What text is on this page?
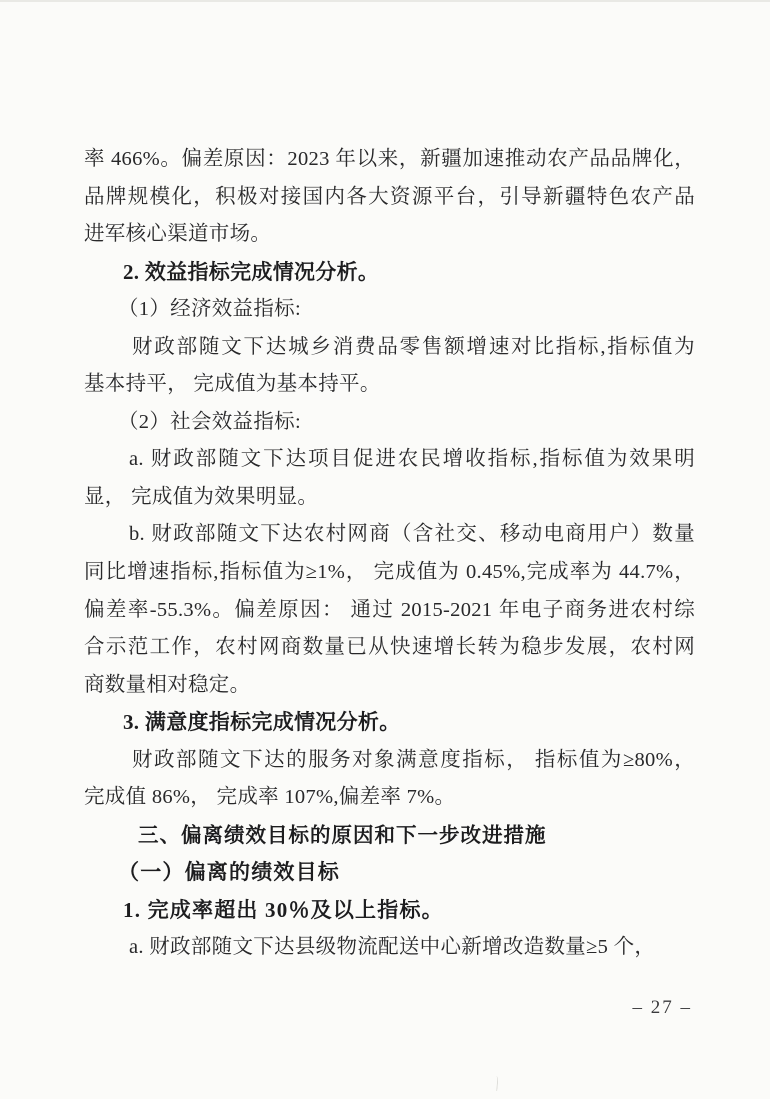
率 466%。偏差原因：2023 年以来，新疆加速推动农产品品牌化，
品牌规模化，积极对接国内各大资源平台，引导新疆特色农产品
进军核心渠道市场。
2. 效益指标完成情况分析。
（1）经济效益指标:
财政部随文下达城乡消费品零售额增速对比指标,指标值为
基本持平， 完成值为基本持平。
（2）社会效益指标:
a. 财政部随文下达项目促进农民增收指标,指标值为效果明
显， 完成值为效果明显。
b. 财政部随文下达农村网商（含社交、移动电商用户）数量
同比增速指标,指标值为≥1%， 完成值为 0.45%,完成率为 44.7%，
偏差率-55.3%。偏差原因： 通过 2015-2021 年电子商务进农村综
合示范工作，农村网商数量已从快速增长转为稳步发展，农村网
商数量相对稳定。
3. 满意度指标完成情况分析。
财政部随文下达的服务对象满意度指标， 指标值为≥80%，
完成值 86%， 完成率 107%,偏差率 7%。
三、偏离绩效目标的原因和下一步改进措施
（一）偏离的绩效目标
1. 完成率超出 30％及以上指标。
a. 财政部随文下达县级物流配送中心新增改造数量≥5 个，
– 27 –
